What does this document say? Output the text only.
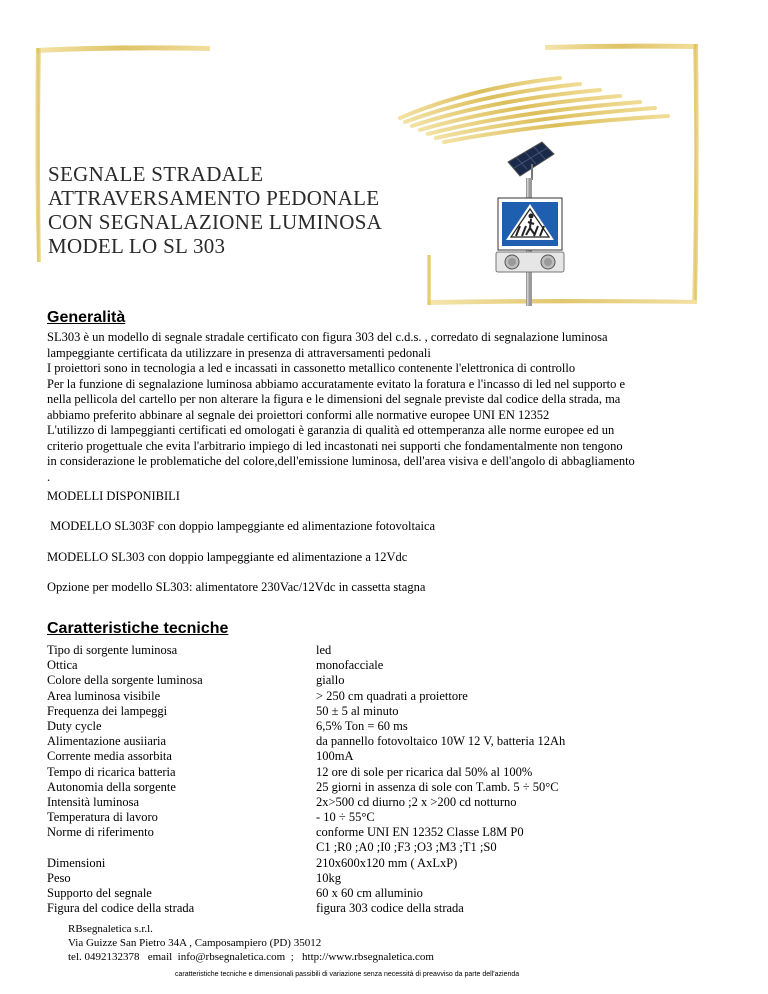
SEGNALE STRADALE
ATTRAVERSAMENTO PEDONALE
CON SEGNALAZIONE LUMINOSA
MODEL LO SL 303
Generalità

SL303 è un modello di segnale stradale certificato con figura 303 del c.d.s. , corredato di segnalazione luminosa

lampeggiante certificata da utilizzare in presenza di attraversamenti pedonali

I proiettori sono in tecnologia a led e incassati in cassonetto metallico contenente l'elettronica di controllo

Per la funzione di segnalazione luminosa abbiamo accuratamente evitato la foratura e l'incasso di led nel supporto e

nella pellicola del cartello per non alterare la figura e le dimensioni del segnale previste dal codice della strada, ma

abbiamo preferito abbinare al segnale dei proiettori conformi alle normative europee UNI EN 12352

L'utilizzo di lampeggianti certificati ed omologati è garanzia di qualità ed ottemperanza alle norme europee ed un

criterio progettuale che evita l'arbitrario impiego di led incastonati nei supporti che fondamentalmente non tengono

in considerazione le problematiche del colore,dell'emissione luminosa, dell'area visiva e dell'angolo di abbagliamento

.

MODELLI DISPONIBILI
MODELLO SL303F con doppio lampeggiante ed alimentazione fotovoltaica
MODELLO SL303 con doppio lampeggiante ed alimentazione a 12Vdc
Opzione per modello SL303: alimentatore 230Vac/12Vdc in cassetta stagna
Caratteristiche tecniche
Tipo di sorgente luminosa
Ottica
Colore della sorgente luminosa
Area luminosa visibile
Frequenza dei lampeggi
Duty cycle
Alimentazione ausiiaria
Corrente media assorbita
Tempo di ricarica batteria
Autonomia della sorgente
Intensità luminosa
Temperatura di lavoro
Norme di riferimento
Dimensioni
Peso
Supporto del segnale
Figura del codice della strada
led
monofacciale
giallo
> 250 cm quadrati a proiettore
50 ± 5 al minuto
6,5% Ton = 60 ms
da pannello fotovoltaico 10W 12 V, batteria 12Ah
100mA
12 ore di sole per ricarica dal 50% al 100%
25 giorni in assenza di sole con T.amb. 5 ÷ 50°C
2x>500 cd diurno ;2 x >200 cd notturno
- 10 ÷ 55°C
conforme UNI EN 12352 Classe L8M P0
C1 ;R0 ;A0 ;I0 ;F3 ;O3 ;M3 ;T1 ;S0
210x600x120 mm ( AxLxP)
10kg
60 x 60 cm alluminio
figura 303 codice della strada
RBsegnaletica s.r.l.
Via Guizze San Pietro 34A , Camposampiero (PD) 35012
tel. 0492132378   email  info@rbsegnaletica.com  ;   http://www.rbsegnaletica.com
caratteristiche tecniche e dimensionali passibili di variazione senza necessità di preavviso da parte dell'azienda
